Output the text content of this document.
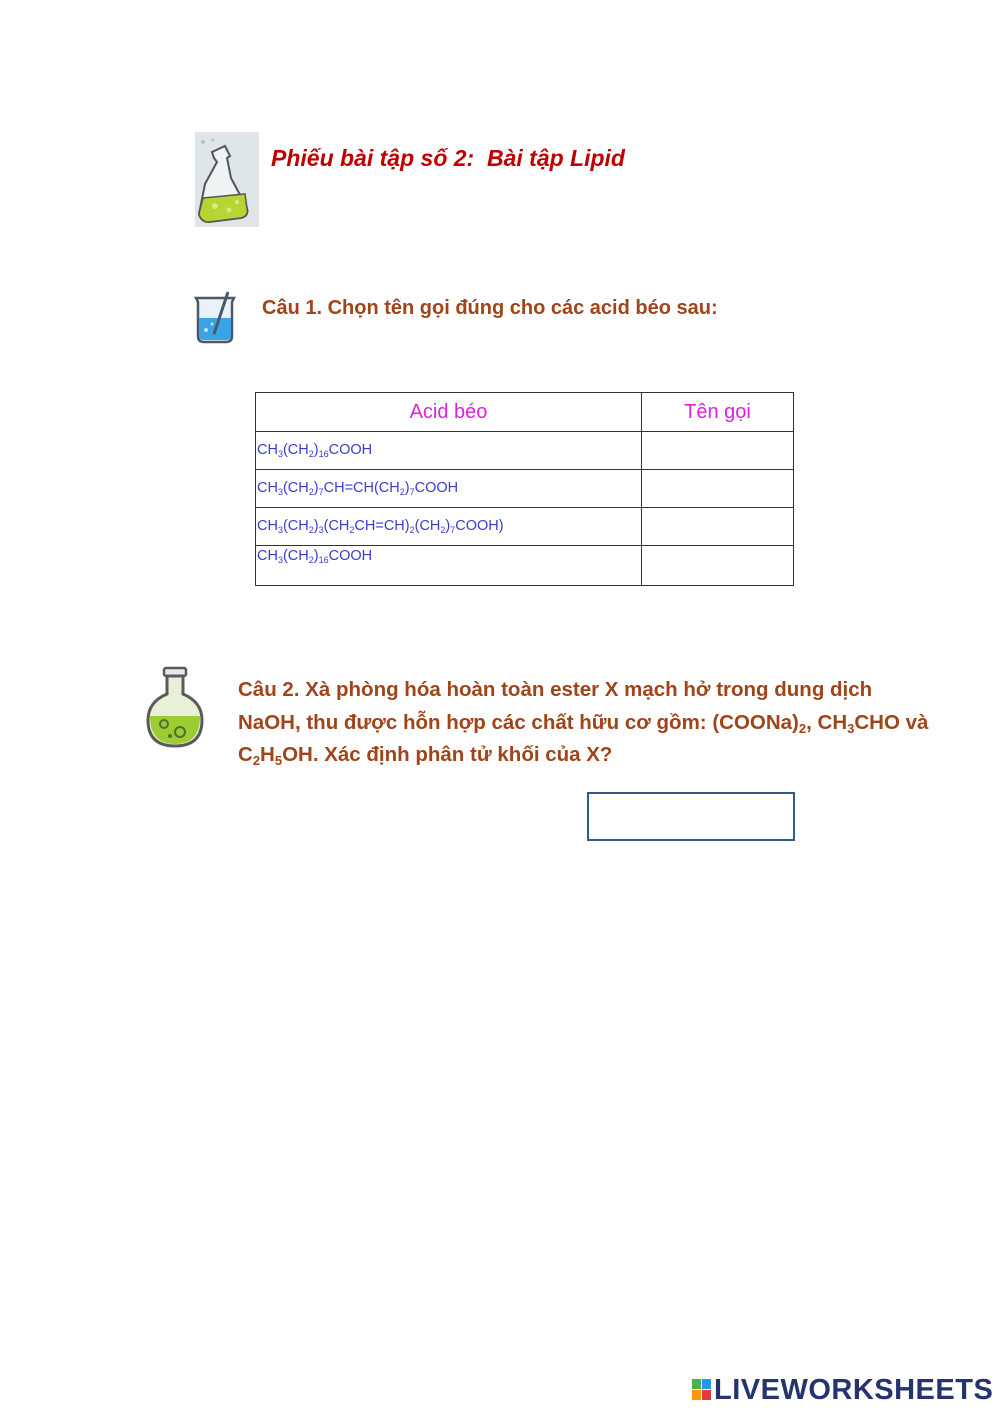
Phiếu bài tập số 2:  Bài tập Lipid
Câu 1. Chọn tên gọi đúng cho các acid béo sau:
Acid béo	Tên gọi
$CH_3(CH_2)_{16}COOH$	
$CH_3(CH_2)_7CH=CH(CH_2)_7COOH$	
$CH_3(CH_2)_3(CH_2CH=CH)_2(CH_2)_7COOH$)	
$CH_3(CH_2)_{16}COOH$	
Câu 2. Xà phòng hóa hoàn toàn ester X mạch hở trong dung dịch NaOH, thu được hỗn hợp các chất hữu cơ gồm: $(COONa)_2$, $CH_3CHO$ và $C_2H_5OH$. Xác định phân tử khối của X?
LIVEWORKSHEETS
